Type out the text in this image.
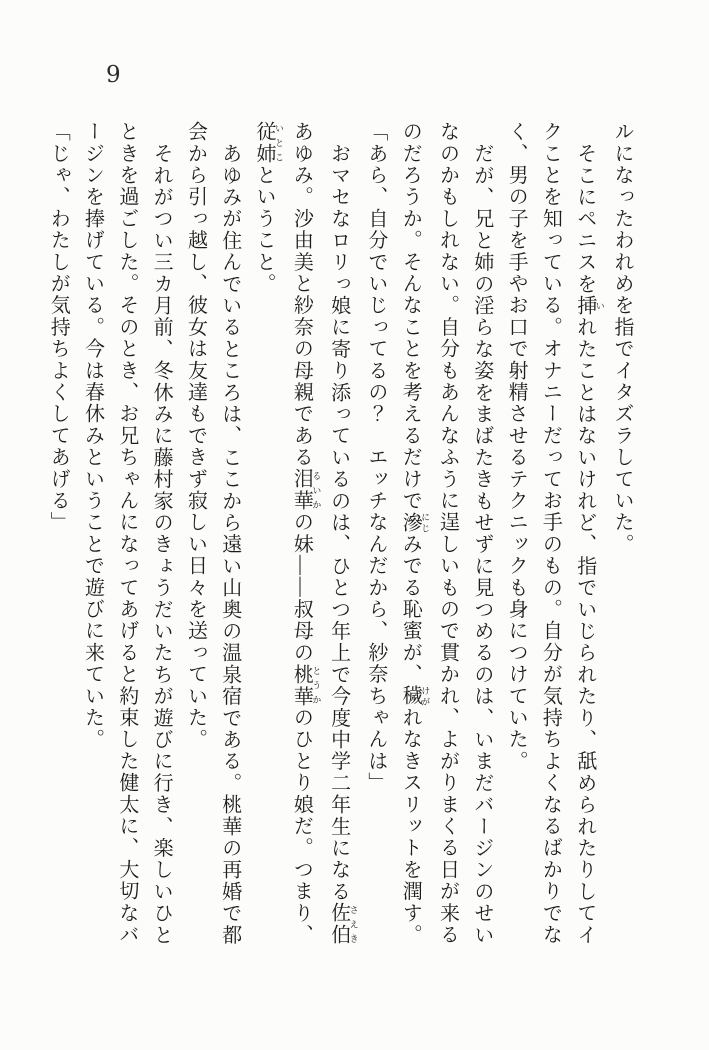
9

ルになったわれめを指でイタズラしていた。

そこにペニスを挿 いれたことはないけれど、指でいじられたり、舐められたりしてイ

クことを知っている。オナニーだってお手のもの。自分が気持ちよくなるばかりでな

く、男の子を手やお口で射精させるテクニックも身につけていた。

だが、兄と姉の淫らな姿をまばたきもせずに見つめるのは、いまだバージンのせい

なのかもしれない。自分もあんなふうに逞しいもので貫かれ、よがりまくる日が来る

のだろうか。そんなことを考えるだけで滲 にじみでる恥蜜が、穢 けがれなきスリットを潤す。

「あら、自分でいじってるの？　エッチなんだから、紗奈ちゃんは」

おマセなロリっ娘に寄り添っているのは、ひとつ年上で今度中学二年生になる佐伯 さえき

あゆみ。沙由美と紗奈の母親である泪華 るいかの妹――叔母の桃華 とうかのひとり娘だ。つまり、

従姉 いとこということ。

あゆみが住んでいるところは、ここから遠い山奥の温泉宿である。桃華の再婚で都

会から引っ越し、彼女は友達もできず寂しい日々を送っていた。

それがつい三カ月前、冬休みに藤村家のきょうだいたちが遊びに行き、楽しいひと

ときを過ごした。そのとき、お兄ちゃんになってあげると約束した健太に、大切なバ

ージンを捧げている。今は春休みということで遊びに来ていた。

「じゃ、わたしが気持ちよくしてあげる」
